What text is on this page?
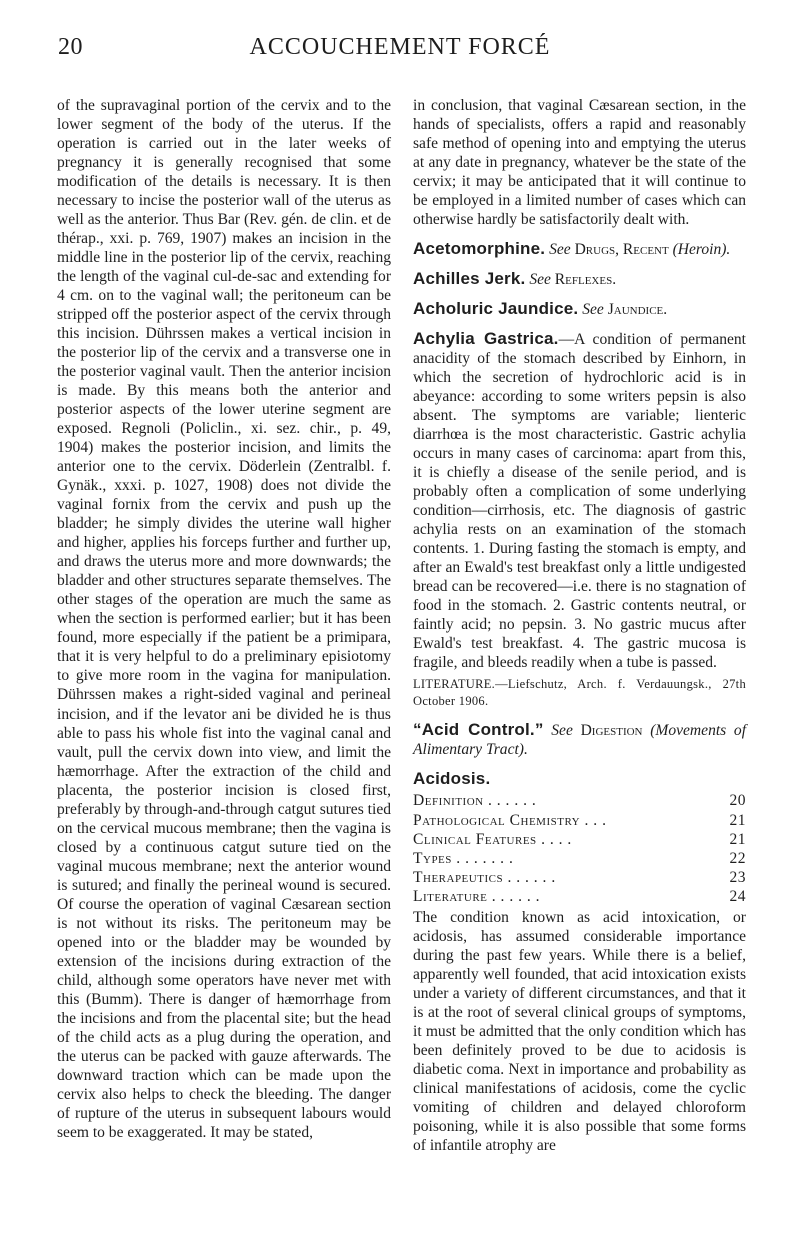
20	ACCOUCHEMENT FORCÉ

of the supravaginal portion of the cervix and to the lower segment of the body of the uterus. If the operation is carried out in the later weeks of pregnancy it is generally recognised that some modification of the details is necessary. It is then necessary to incise the posterior wall of the uterus as well as the anterior. Thus Bar (Rev. gén. de clin. et de thérap., xxi. p. 769, 1907) makes an incision in the middle line in the posterior lip of the cervix, reaching the length of the vaginal cul-de-sac and extending for 4 cm. on to the vaginal wall; the peritoneum can be stripped off the posterior aspect of the cervix through this incision. Dührssen makes a vertical incision in the posterior lip of the cervix and a transverse one in the posterior vaginal vault. Then the anterior incision is made. By this means both the anterior and posterior aspects of the lower uterine segment are exposed. Regnoli (Policlin., xi. sez. chir., p. 49, 1904) makes the posterior incision, and limits the anterior one to the cervix. Döderlein (Zentralbl. f. Gynäk., xxxi. p. 1027, 1908) does not divide the vaginal fornix from the cervix and push up the bladder; he simply divides the uterine wall higher and higher, applies his forceps further and further up, and draws the uterus more and more downwards; the bladder and other structures separate themselves. The other stages of the operation are much the same as when the section is performed earlier; but it has been found, more especially if the patient be a primipara, that it is very helpful to do a preliminary episiotomy to give more room in the vagina for manipulation. Dührssen makes a right-sided vaginal and perineal incision, and if the levator ani be divided he is thus able to pass his whole fist into the vaginal canal and vault, pull the cervix down into view, and limit the hæmorrhage. After the extraction of the child and placenta, the posterior incision is closed first, preferably by through-and-through catgut sutures tied on the cervical mucous membrane; then the vagina is closed by a continuous catgut suture tied on the vaginal mucous membrane; next the anterior wound is sutured; and finally the perineal wound is secured. Of course the operation of vaginal Cæsarean section is not without its risks. The peritoneum may be opened into or the bladder may be wounded by extension of the incisions during extraction of the child, although some operators have never met with this (Bumm). There is danger of hæmorrhage from the incisions and from the placental site; but the head of the child acts as a plug during the operation, and the uterus can be packed with gauze afterwards. The downward traction which can be made upon the cervix also helps to check the bleeding. The danger of rupture of the uterus in subsequent labours would seem to be exaggerated. It may be stated,

in conclusion, that vaginal Cæsarean section, in the hands of specialists, offers a rapid and reasonably safe method of opening into and emptying the uterus at any date in pregnancy, whatever be the state of the cervix; it may be anticipated that it will continue to be employed in a limited number of cases which can otherwise hardly be satisfactorily dealt with.

Acetomorphine. See Drugs, Recent (Heroin).

Achilles Jerk. See Reflexes.

Acholuric Jaundice. See Jaundice.

Achylia Gastrica.—A condition of permanent anacidity of the stomach described by Einhorn, in which the secretion of hydrochloric acid is in abeyance: according to some writers pepsin is also absent. The symptoms are variable; lienteric diarrhœa is the most characteristic. Gastric achylia occurs in many cases of carcinoma: apart from this, it is chiefly a disease of the senile period, and is probably often a complication of some underlying condition—cirrhosis, etc. The diagnosis of gastric achylia rests on an examination of the stomach contents. 1. During fasting the stomach is empty, and after an Ewald's test breakfast only a little undigested bread can be recovered—i.e. there is no stagnation of food in the stomach. 2. Gastric contents neutral, or faintly acid; no pepsin. 3. No gastric mucus after Ewald's test breakfast. 4. The gastric mucosa is fragile, and bleeds readily when a tube is passed.

LITERATURE.—Liefschutz, Arch. f. Verdauungsk., 27th October 1906.

“Acid Control.” See Digestion (Movements of Alimentary Tract).

Acidosis.

Definition . . . . . .	20
Pathological Chemistry . . .	21
Clinical Features . . . .	21
Types . . . . . . .	22
Therapeutics . . . . . .	23
Literature . . . . . .	24

The condition known as acid intoxication, or acidosis, has assumed considerable importance during the past few years. While there is a belief, apparently well founded, that acid intoxication exists under a variety of different circumstances, and that it is at the root of several clinical groups of symptoms, it must be admitted that the only condition which has been definitely proved to be due to acidosis is diabetic coma. Next in importance and probability as clinical manifestations of acidosis, come the cyclic vomiting of children and delayed chloroform poisoning, while it is also possible that some forms of infantile atrophy are
